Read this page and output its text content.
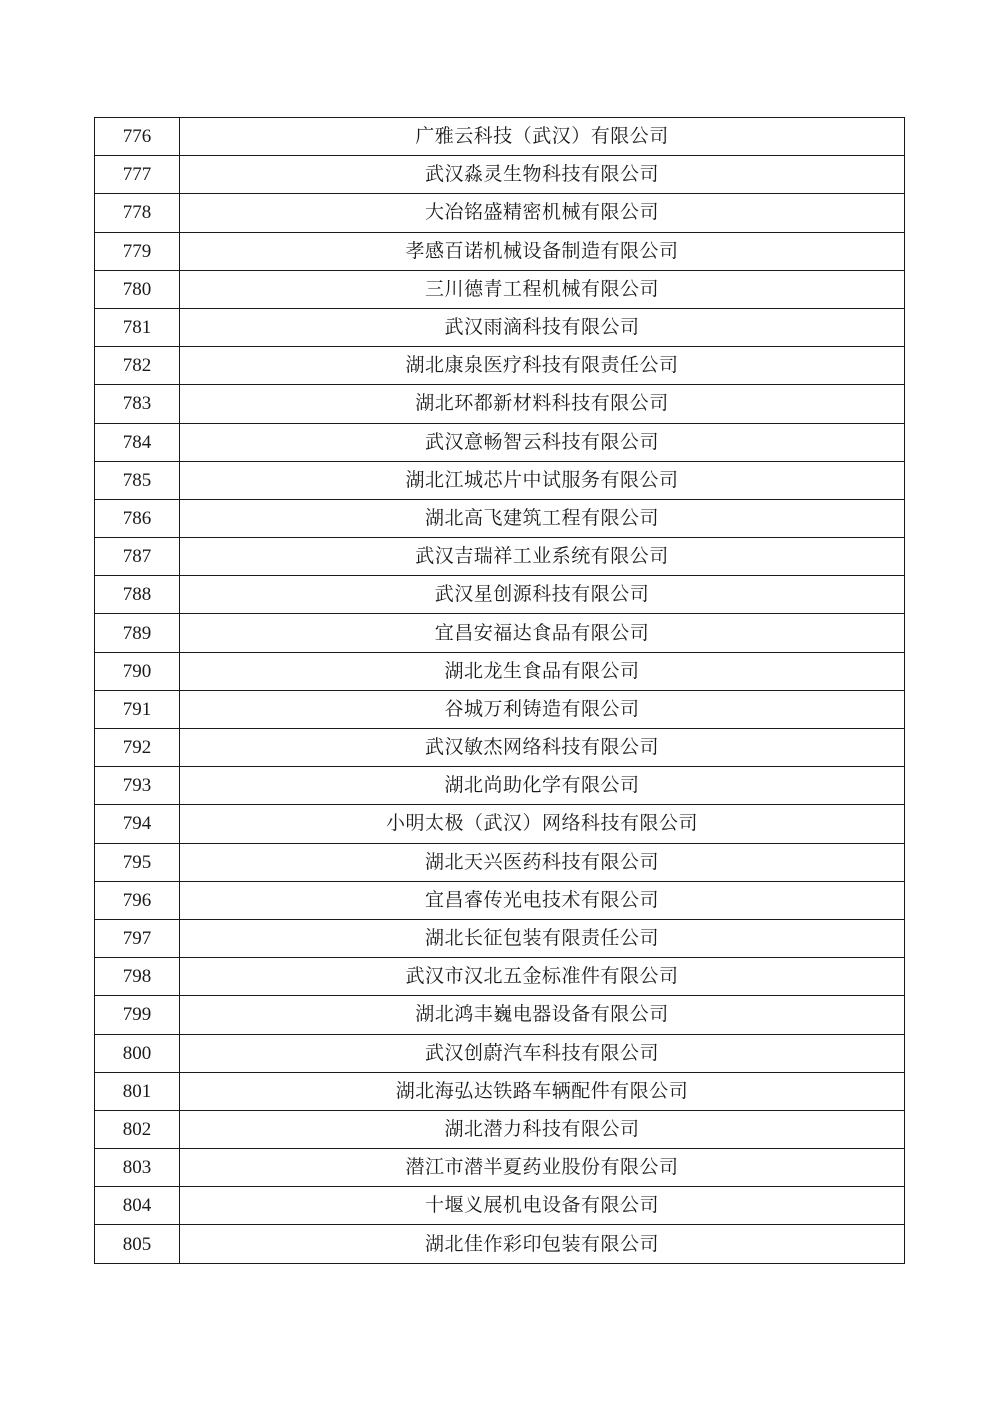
776	广雅云科技（武汉）有限公司
777	武汉淼灵生物科技有限公司
778	大冶铭盛精密机械有限公司
779	孝感百诺机械设备制造有限公司
780	三川德青工程机械有限公司
781	武汉雨滴科技有限公司
782	湖北康泉医疗科技有限责任公司
783	湖北环都新材料科技有限公司
784	武汉意畅智云科技有限公司
785	湖北江城芯片中试服务有限公司
786	湖北高飞建筑工程有限公司
787	武汉吉瑞祥工业系统有限公司
788	武汉星创源科技有限公司
789	宜昌安福达食品有限公司
790	湖北龙生食品有限公司
791	谷城万利铸造有限公司
792	武汉敏杰网络科技有限公司
793	湖北尚助化学有限公司
794	小明太极（武汉）网络科技有限公司
795	湖北天兴医药科技有限公司
796	宜昌睿传光电技术有限公司
797	湖北长征包装有限责任公司
798	武汉市汉北五金标准件有限公司
799	湖北鸿丰巍电器设备有限公司
800	武汉创蔚汽车科技有限公司
801	湖北海弘达铁路车辆配件有限公司
802	湖北潜力科技有限公司
803	潜江市潜半夏药业股份有限公司
804	十堰义展机电设备有限公司
805	湖北佳作彩印包装有限公司
